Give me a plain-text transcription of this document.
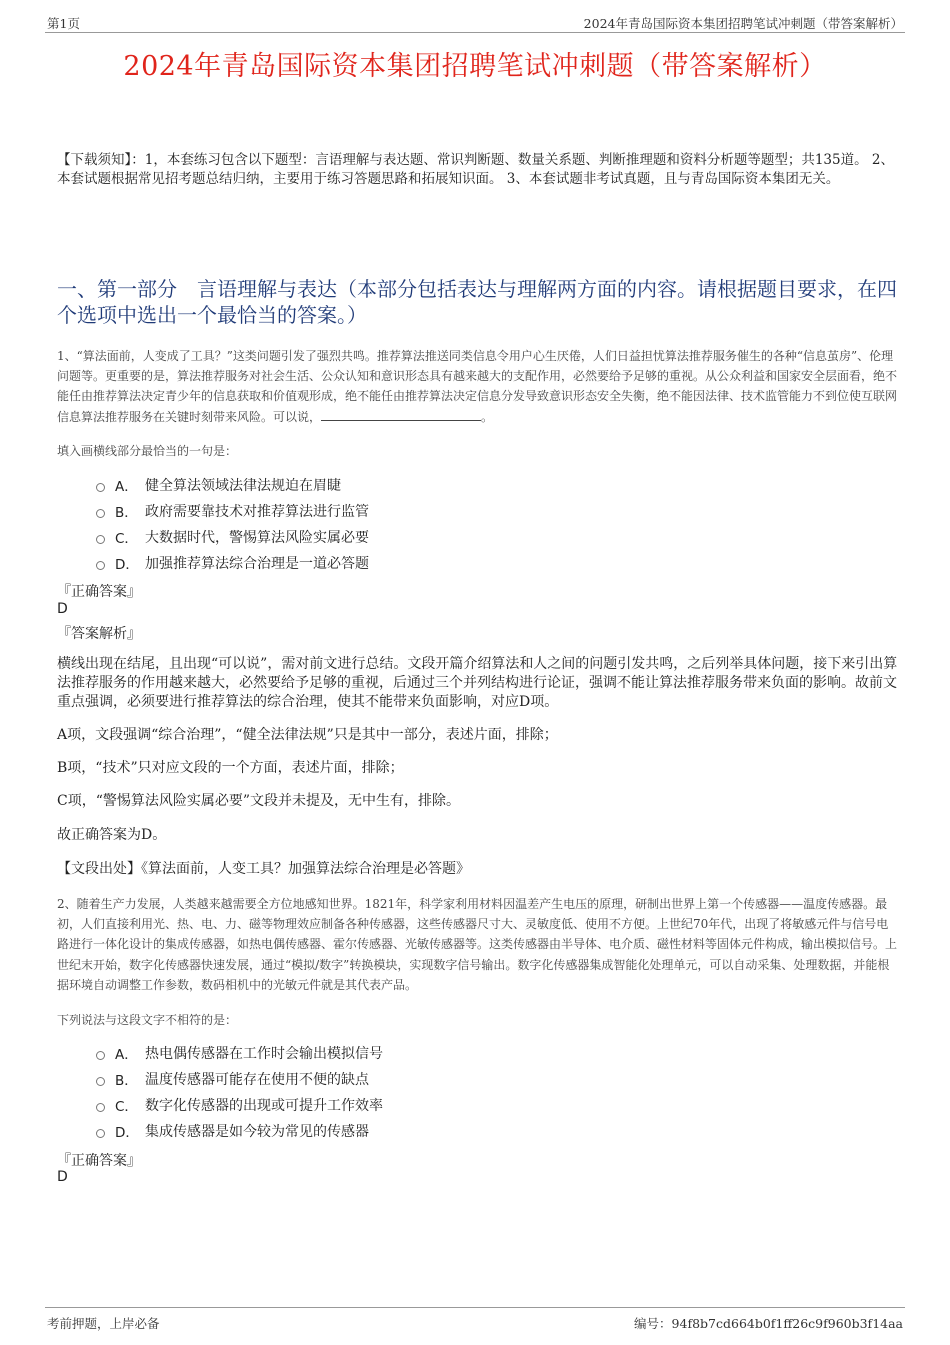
第1页	2024年青岛国际资本集团招聘笔试冲刺题（带答案解析）
2024年青岛国际资本集团招聘笔试冲刺题（带答案解析）
【下载须知】：1，本套练习包含以下题型：言语理解与表达题、常识判断题、数量关系题、判断推理题和资料分析题等题型；共135道。 2、本套试题根据常见招考题总结归纳，主要用于练习答题思路和拓展知识面。 3、本套试题非考试真题，且与青岛国际资本集团无关。
一、第一部分　言语理解与表达（本部分包括表达与理解两方面的内容。请根据题目要求，在四个选项中选出一个最恰当的答案。）
1、“算法面前，人变成了工具？”这类问题引发了强烈共鸣。推荐算法推送同类信息令用户心生厌倦，人们日益担忧算法推荐服务催生的各种“信息茧房”、伦理问题等。更重要的是，算法推荐服务对社会生活、公众认知和意识形态具有越来越大的支配作用，必然要给予足够的重视。从公众利益和国家安全层面看，绝不能任由推荐算法决定青少年的信息获取和价值观形成，绝不能任由推荐算法决定信息分发导致意识形态安全失衡，绝不能因法律、技术监管能力不到位使互联网信息算法推荐服务在关键时刻带来风险。可以说，	。
填入画横线部分最恰当的一句是：
A． 健全算法领域法律法规迫在眉睫
B． 政府需要靠技术对推荐算法进行监管
C． 大数据时代，警惕算法风险实属必要
D． 加强推荐算法综合治理是一道必答题
『正确答案』
D
『答案解析』
横线出现在结尾，且出现“可以说”，需对前文进行总结。文段开篇介绍算法和人之间的问题引发共鸣，之后列举具体问题，接下来引出算法推荐服务的作用越来越大，必然要给予足够的重视，后通过三个并列结构进行论证，强调不能让算法推荐服务带来负面的影响。故前文重点强调，必须要进行推荐算法的综合治理，使其不能带来负面影响，对应D项。
A项，文段强调“综合治理”，“健全法律法规”只是其中一部分，表述片面，排除；
B项，“技术”只对应文段的一个方面，表述片面，排除；
C项，“警惕算法风险实属必要”文段并未提及，无中生有，排除。
故正确答案为D。
【文段出处】《算法面前，人变工具？加强算法综合治理是必答题》
2、随着生产力发展，人类越来越需要全方位地感知世界。1821年，科学家利用材料因温差产生电压的原理，研制出世界上第一个传感器——温度传感器。最初，人们直接利用光、热、电、力、磁等物理效应制备各种传感器，这些传感器尺寸大、灵敏度低、使用不方便。上世纪70年代，出现了将敏感元件与信号电路进行一体化设计的集成传感器，如热电偶传感器、霍尔传感器、光敏传感器等。这类传感器由半导体、电介质、磁性材料等固体元件构成，输出模拟信号。上世纪末开始，数字化传感器快速发展，通过“模拟/数字”转换模块，实现数字信号输出。数字化传感器集成智能化处理单元，可以自动采集、处理数据，并能根据环境自动调整工作参数，数码相机中的光敏元件就是其代表产品。
下列说法与这段文字不相符的是：
A． 热电偶传感器在工作时会输出模拟信号
B． 温度传感器可能存在使用不便的缺点
C． 数字化传感器的出现或可提升工作效率
D． 集成传感器是如今较为常见的传感器
『正确答案』
D
考前押题，上岸必备	编号：94f8b7cd664b0f1ff26c9f960b3f14aa
